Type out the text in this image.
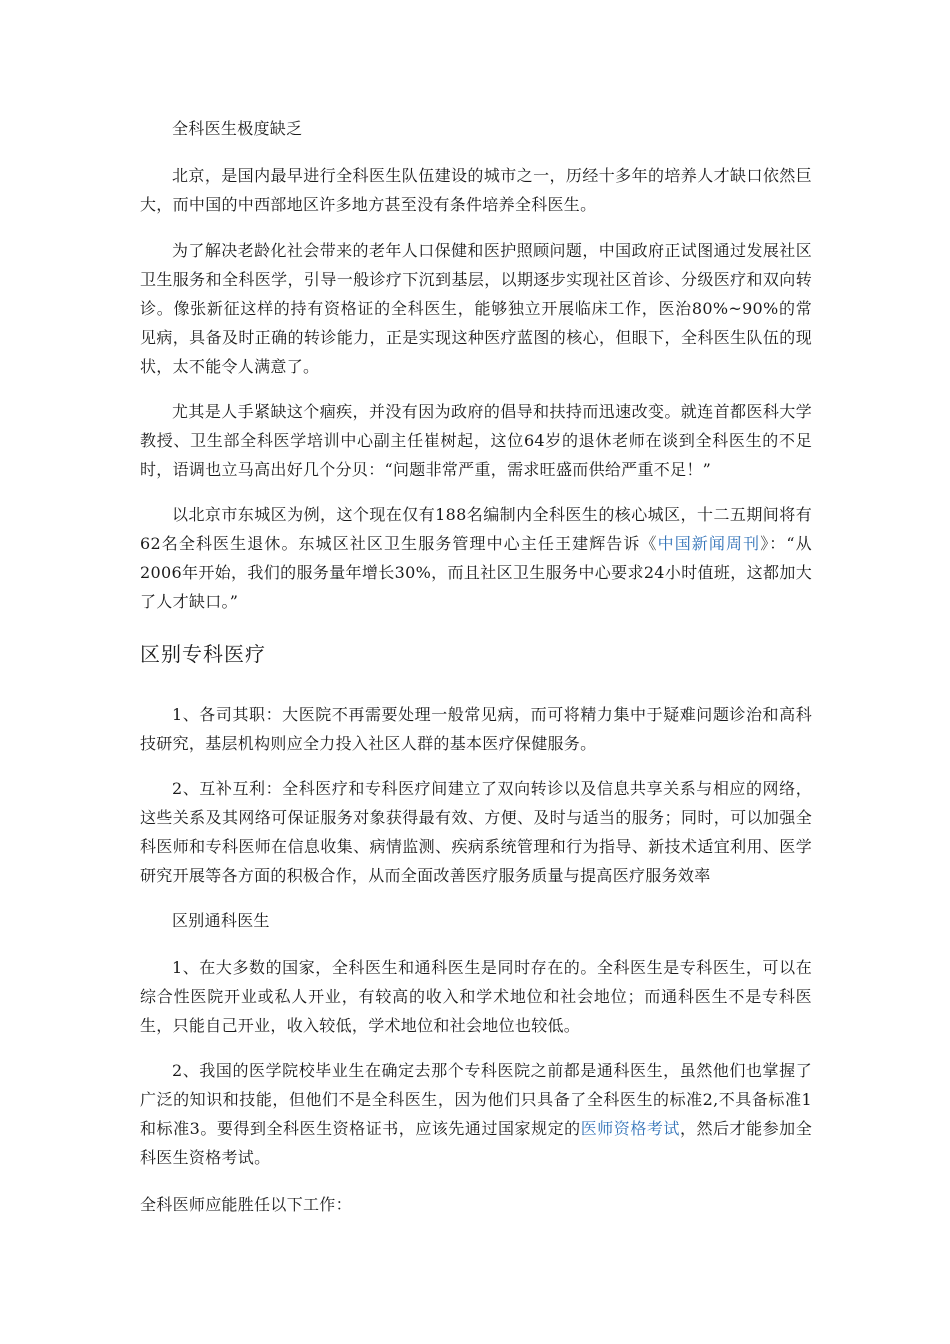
全科医生极度缺乏

北京，是国内最早进行全科医生队伍建设的城市之一，历经十多年的培养人才缺口依然巨大，而中国的中西部地区许多地方甚至没有条件培养全科医生。

为了解决老龄化社会带来的老年人口保健和医护照顾问题，中国政府正试图通过发展社区卫生服务和全科医学，引导一般诊疗下沉到基层，以期逐步实现社区首诊、分级医疗和双向转诊。像张新征这样的持有资格证的全科医生，能够独立开展临床工作，医治80%~90%的常见病，具备及时正确的转诊能力，正是实现这种医疗蓝图的核心，但眼下，全科医生队伍的现状，太不能令人满意了。

尤其是人手紧缺这个痼疾，并没有因为政府的倡导和扶持而迅速改变。就连首都医科大学教授、卫生部全科医学培训中心副主任崔树起，这位64岁的退休老师在谈到全科医生的不足时，语调也立马高出好几个分贝：“问题非常严重，需求旺盛而供给严重不足！”

以北京市东城区为例，这个现在仅有188名编制内全科医生的核心城区，十二五期间将有62名全科医生退休。东城区社区卫生服务管理中心主任王建辉告诉《中国新闻周刊》：“从2006年开始，我们的服务量年增长30%，而且社区卫生服务中心要求24小时值班，这都加大了人才缺口。”

区别专科医疗

1、各司其职：大医院不再需要处理一般常见病，而可将精力集中于疑难问题诊治和高科技研究，基层机构则应全力投入社区人群的基本医疗保健服务。

2、互补互利：全科医疗和专科医疗间建立了双向转诊以及信息共享关系与相应的网络，这些关系及其网络可保证服务对象获得最有效、方便、及时与适当的服务；同时，可以加强全科医师和专科医师在信息收集、病情监测、疾病系统管理和行为指导、新技术适宜利用、医学研究开展等各方面的积极合作，从而全面改善医疗服务质量与提高医疗服务效率

区别通科医生

1、在大多数的国家，全科医生和通科医生是同时存在的。全科医生是专科医生，可以在综合性医院开业或私人开业，有较高的收入和学术地位和社会地位；而通科医生不是专科医生，只能自己开业，收入较低，学术地位和社会地位也较低。

2、我国的医学院校毕业生在确定去那个专科医院之前都是通科医生，虽然他们也掌握了广泛的知识和技能，但他们不是全科医生，因为他们只具备了全科医生的标准2,不具备标准1和标准3。要得到全科医生资格证书，应该先通过国家规定的医师资格考试，然后才能参加全科医生资格考试。

全科医师应能胜任以下工作：
